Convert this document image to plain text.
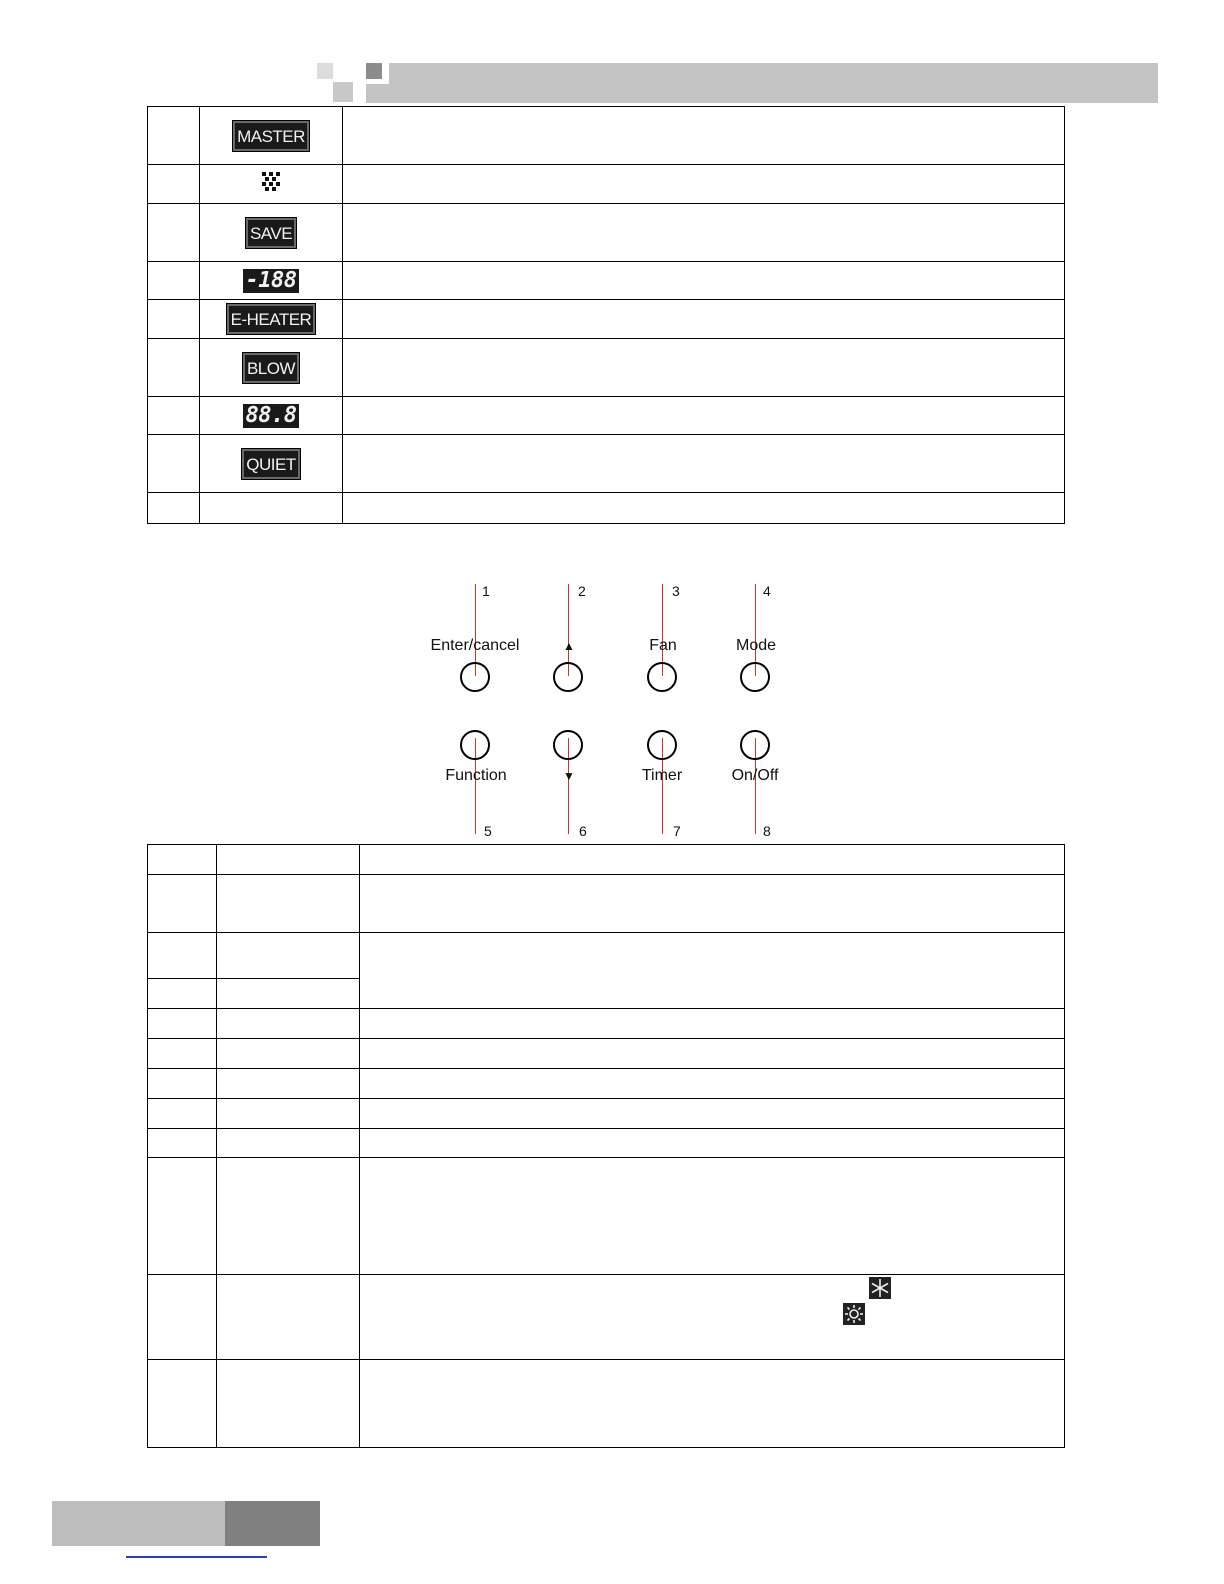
	MASTER	

	SAVE	
	-188	
	E-HEATER	
	BLOW	
	88.8	
	QUIET	

1	2	3	4
Enter/cancel	▲	Fan	Mode
Function	▼	Timer	On/Off
5	6	7	8
